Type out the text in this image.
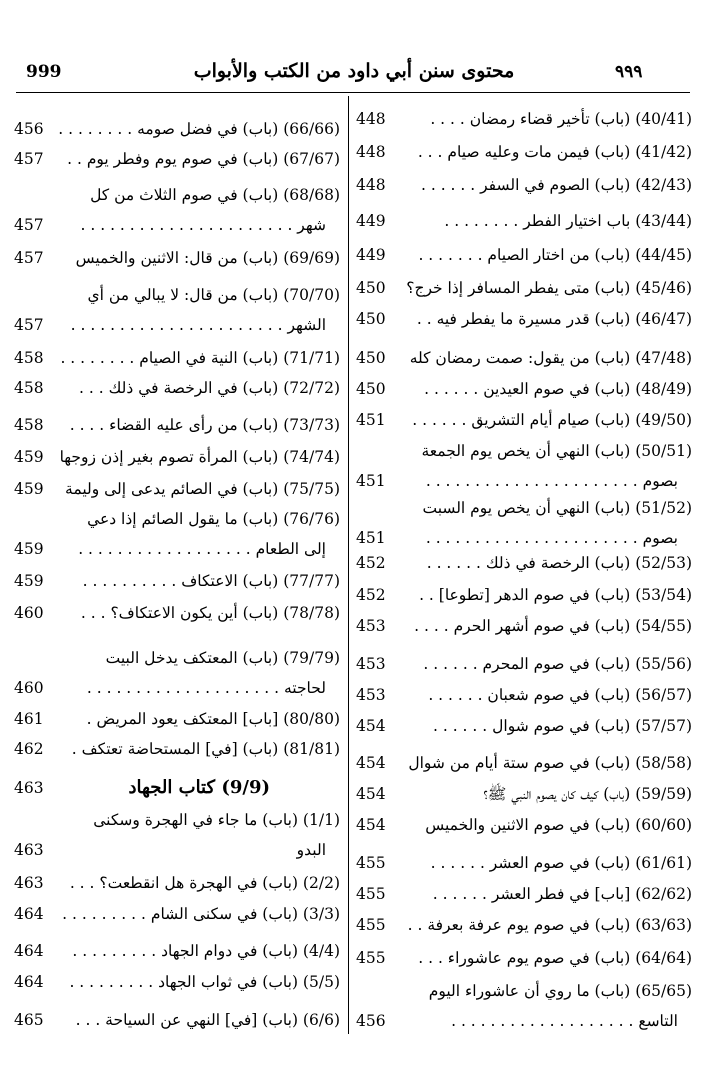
999	محتوى سنن أبي داود من الكتب والأبواب	٩٩٩
(40/41) (باب) تأخير قضاء رمضان . . . .
448
(41/42) (باب) فيمن مات وعليه صيام . . .
448
(42/43) (باب) الصوم في السفر . . . . . .
448
(43/44) باب اختيار الفطر . . . . . . . .
449
(44/45) (باب) من اختار الصيام . . . . . . .
449
(45/46) (باب) متى يفطر المسافر إذا خرج؟
450
(46/47) (باب) قدر مسيرة ما يفطر فيه . .
450
(47/48) (باب) من يقول: صمت رمضان كله
450
(48/49) (باب) في صوم العيدين . . . . . .
450
(49/50) (باب) صيام أيام التشريق . . . . . .
451
(50/51) (باب) النهي أن يخص يوم الجمعة
بصوم . . . . . . . . . . . . . . . . . . . . . .
451
(51/52) (باب) النهي أن يخص يوم السبت
بصوم . . . . . . . . . . . . . . . . . . . . . .
451
(52/53) (باب) الرخصة في ذلك . . . . . .
452
(53/54) (باب) في صوم الدهر [تطوعا] . .
452
(54/55) (باب) في صوم أشهر الحرم . . . .
453
(55/56) (باب) في صوم المحرم . . . . . .
453
(56/57) (باب) في صوم شعبان . . . . . .
453
(57/57) (باب) في صوم شوال . . . . . .
454
(58/58) (باب) في صوم ستة أيام من شوال
454
(59/59) (باب) كيف كان يصوم النبي ﷺ؟
454
(60/60) (باب) في صوم الاثنين والخميس
454
(61/61) (باب) في صوم العشر . . . . . .
455
(62/62) [باب] في فطر العشر . . . . . .
455
(63/63) (باب) في صوم يوم عرفة بعرفة . .
455
(64/64) (باب) في صوم يوم عاشوراء . . .
455
(65/65) (باب) ما روي أن عاشوراء اليوم
التاسع . . . . . . . . . . . . . . . . . . .
456
(66/66) (باب) في فضل صومه . . . . . . . .
456
(67/67) (باب) في صوم يوم وفطر يوم . .
457
(68/68) (باب) في صوم الثلاث من كل
شهر . . . . . . . . . . . . . . . . . . . . . .
457
(69/69) (باب) من قال: الاثنين والخميس
457
(70/70) (باب) من قال: لا يبالي من أي
الشهر . . . . . . . . . . . . . . . . . . . . . .
457
(71/71) (باب) النية في الصيام . . . . . . . .
458
(72/72) (باب) في الرخصة في ذلك . . .
458
(73/73) (باب) من رأى عليه القضاء . . . .
458
(74/74) (باب) المرأة تصوم بغير إذن زوجها
459
(75/75) (باب) في الصائم يدعى إلى وليمة
459
(76/76) (باب) ما يقول الصائم إذا دعي
إلى الطعام . . . . . . . . . . . . . . . . . .
459
(77/77) (باب) الاعتكاف . . . . . . . . . .
459
(78/78) (باب) أين يكون الاعتكاف؟ . . .
460
(79/79) (باب) المعتكف يدخل البيت
لحاجته . . . . . . . . . . . . . . . . . . . .
460
(80/80) [باب] المعتكف يعود المريض .
461
(81/81) (باب) [في] المستحاضة تعتكف .
462
(9/9) كتاب الجهاد
463
(1/1) (باب) ما جاء في الهجرة وسكنى
البدو
463
(2/2) (باب) في الهجرة هل انقطعت؟ . . .
463
(3/3) (باب) في سكنى الشام . . . . . . . . .
464
(4/4) (باب) في دوام الجهاد . . . . . . . . .
464
(5/5) (باب) في ثواب الجهاد . . . . . . . . .
464
(6/6) (باب) [في] النهي عن السياحة . . .
465
